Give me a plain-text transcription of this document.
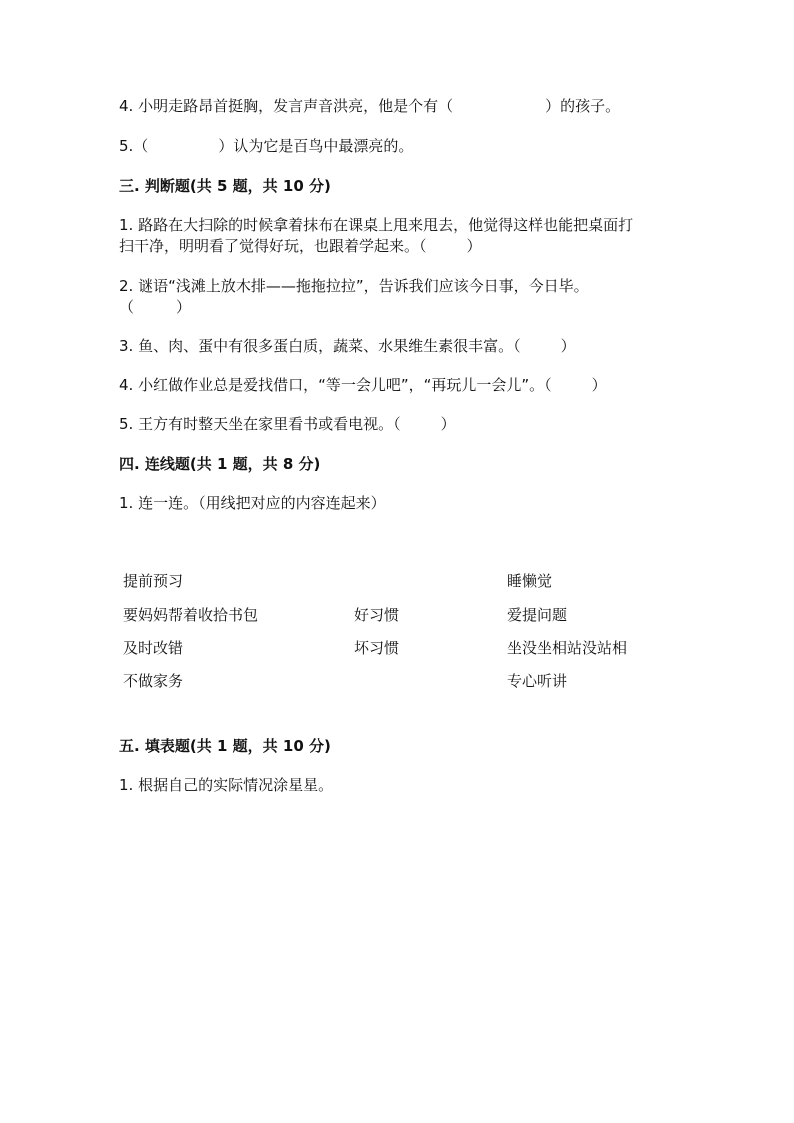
4. 小明走路昂首挺胸，发言声音洪亮，他是个有（	）的孩子。
5.（	）认为它是百鸟中最漂亮的。
三. 判断题(共 5 题，共 10 分)
1. 路路在大扫除的时候拿着抹布在课桌上甩来甩去，他觉得这样也能把桌面打
扫干净，明明看了觉得好玩，也跟着学起来。（	）
2. 谜语“浅滩上放木排——拖拖拉拉”，告诉我们应该今日事，今日毕。
（	）
3. 鱼、肉、蛋中有很多蛋白质，蔬菜、水果维生素很丰富。（	）
4. 小红做作业总是爱找借口，“等一会儿吧”，“再玩儿一会儿”。（	）
5. 王方有时整天坐在家里看书或看电视。（	）
四. 连线题(共 1 题，共 8 分)
1. 连一连。（用线把对应的内容连起来）
提前预习
要妈妈帮着收拾书包
及时改错
不做家务
好习惯
坏习惯
睡懒觉
爱提问题
坐没坐相站没站相
专心听讲
五. 填表题(共 1 题，共 10 分)
1. 根据自己的实际情况涂星星。
